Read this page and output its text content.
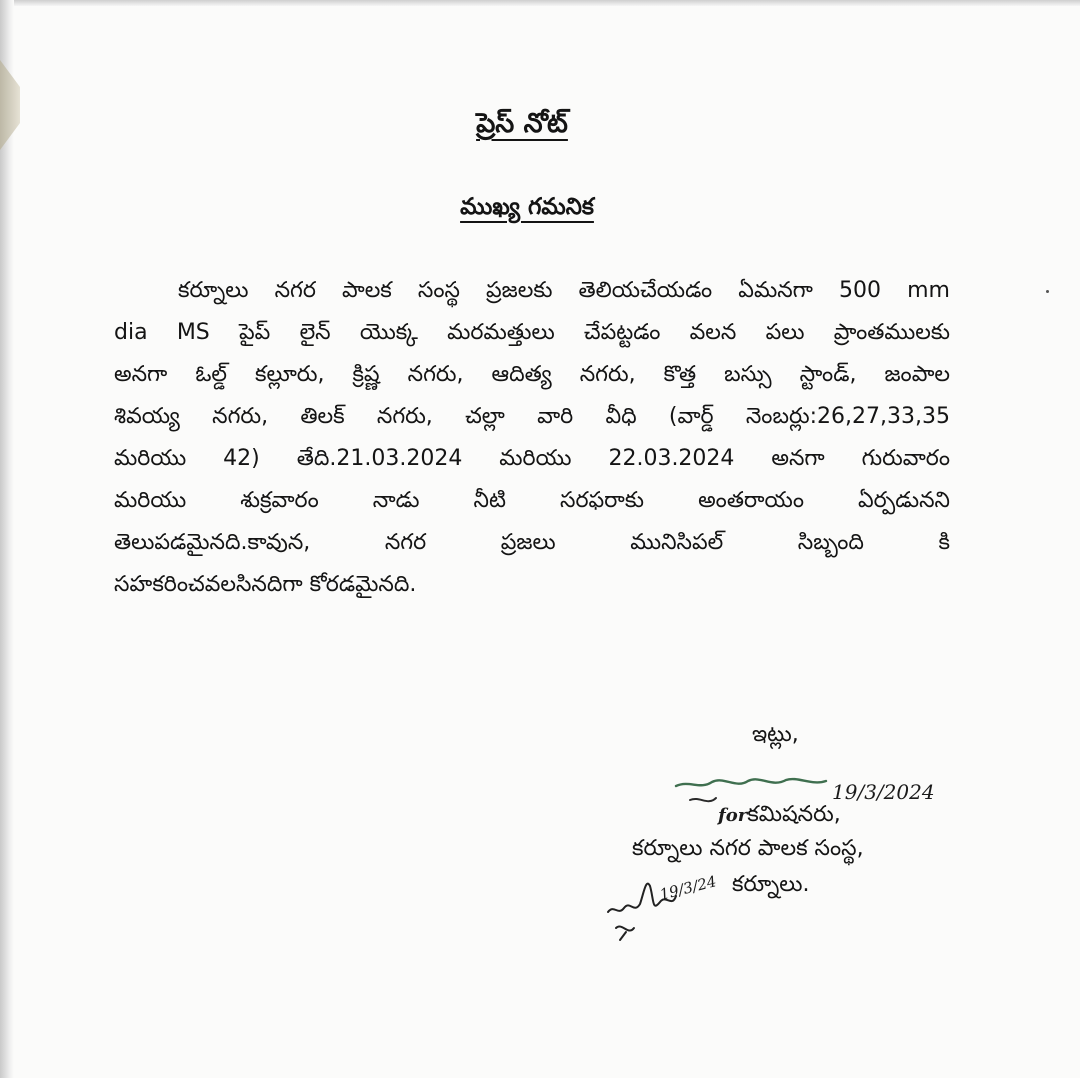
ప్రెస్ నోట్
ముఖ్య గమనిక
కర్నూలు నగర పాలక సంస్థ ప్రజలకు తెలియచేయడం ఏమనగా 500 mm
dia MS పైప్ లైన్ యొక్క మరమత్తులు చేపట్టడం వలన పలు ప్రాంతములకు
అనగా ఓల్డ్ కల్లూరు, క్రిష్ణ నగరు, ఆదిత్య నగరు, కొత్త బస్సు స్టాండ్, జంపాల
శివయ్య నగరు, తిలక్ నగరు, చల్లా వారి వీధి (వార్డ్ నెంబర్లు:26,27,33,35
మరియు 42) తేది.21.03.2024 మరియు 22.03.2024 అనగా గురువారం
మరియు శుక్రవారం నాడు నీటి సరఫరాకు అంతరాయం ఏర్పడునని
తెలుపడమైనది.కావున, నగర ప్రజలు మునిసిపల్ సిబ్బంది కి
సహకరించవలసినదిగా కోరడమైనది.
ఇట్లు,
19/3/2024
forకమిషనరు,
కర్నూలు నగర పాలక సంస్థ,
19/3/24 కర్నూలు.
